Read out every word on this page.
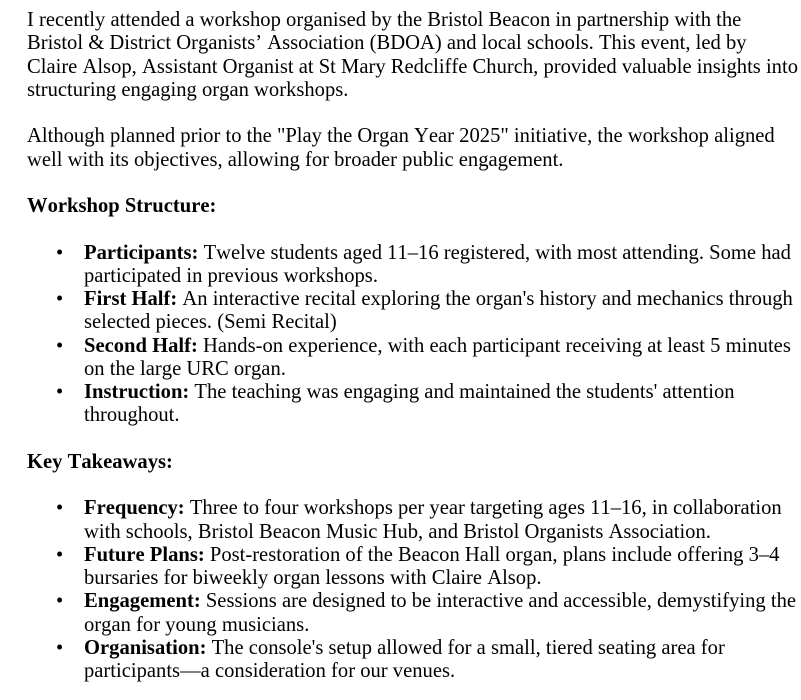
I recently attended a workshop organised by the Bristol Beacon in partnership with the Bristol & District Organists’ Association (BDOA) and local schools. This event, led by Claire Alsop, Assistant Organist at St Mary Redcliffe Church, provided valuable insights into structuring engaging organ workshops.

Although planned prior to the "Play the Organ Year 2025" initiative, the workshop aligned well with its objectives, allowing for broader public engagement.

Workshop Structure:

• Participants: Twelve students aged 11–16 registered, with most attending. Some had participated in previous workshops.
• First Half: An interactive recital exploring the organ's history and mechanics through selected pieces. (Semi Recital)
• Second Half: Hands-on experience, with each participant receiving at least 5 minutes on the large URC organ.
• Instruction: The teaching was engaging and maintained the students' attention throughout.

Key Takeaways:

• Frequency: Three to four workshops per year targeting ages 11–16, in collaboration with schools, Bristol Beacon Music Hub, and Bristol Organists Association.
• Future Plans: Post-restoration of the Beacon Hall organ, plans include offering 3–4 bursaries for biweekly organ lessons with Claire Alsop.
• Engagement: Sessions are designed to be interactive and accessible, demystifying the organ for young musicians.
• Organisation: The console's setup allowed for a small, tiered seating area for participants—a consideration for our venues.
